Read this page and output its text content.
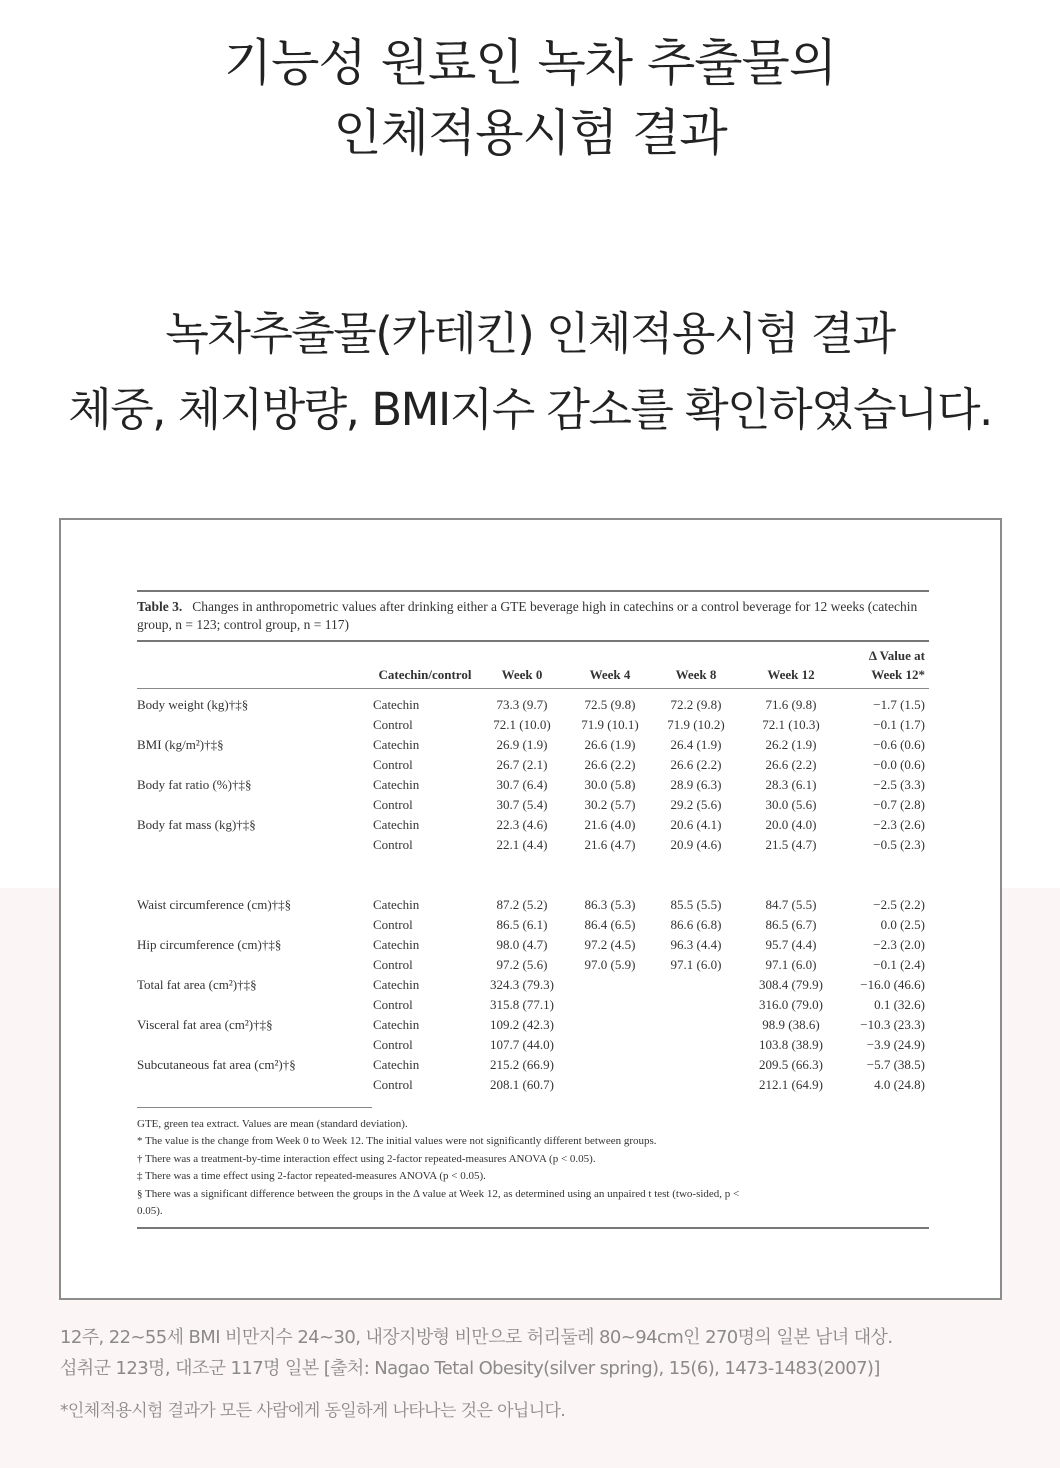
기능성 원료인 녹차 추출물의
인체적용시험 결과
녹차추출물(카테킨) 인체적용시험 결과
체중, 체지방량, BMI지수 감소를 확인하였습니다.
Table 3. Changes in anthropometric values after drinking either a GTE beverage high in catechins or a control beverage for 12 weeks (catechin group, n = 123; control group, n = 117)
	Catechin/control	Week 0	Week 4	Week 8	Week 12	Δ Value at
Week 12*

Body weight (kg)†‡§	Catechin	73.3 (9.7)	72.5 (9.8)	72.2 (9.8)	71.6 (9.8)	−1.7 (1.5)
	Control	72.1 (10.0)	71.9 (10.1)	71.9 (10.2)	72.1 (10.3)	−0.1 (1.7)
BMI (kg/m²)†‡§	Catechin	26.9 (1.9)	26.6 (1.9)	26.4 (1.9)	26.2 (1.9)	−0.6 (0.6)
	Control	26.7 (2.1)	26.6 (2.2)	26.6 (2.2)	26.6 (2.2)	−0.0 (0.6)
Body fat ratio (%)†‡§	Catechin	30.7 (6.4)	30.0 (5.8)	28.9 (6.3)	28.3 (6.1)	−2.5 (3.3)
	Control	30.7 (5.4)	30.2 (5.7)	29.2 (5.6)	30.0 (5.6)	−0.7 (2.8)
Body fat mass (kg)†‡§	Catechin	22.3 (4.6)	21.6 (4.0)	20.6 (4.1)	20.0 (4.0)	−2.3 (2.6)
	Control	22.1 (4.4)	21.6 (4.7)	20.9 (4.6)	21.5 (4.7)	−0.5 (2.3)

Waist circumference (cm)†‡§	Catechin	87.2 (5.2)	86.3 (5.3)	85.5 (5.5)	84.7 (5.5)	−2.5 (2.2)
	Control	86.5 (6.1)	86.4 (6.5)	86.6 (6.8)	86.5 (6.7)	0.0 (2.5)
Hip circumference (cm)†‡§	Catechin	98.0 (4.7)	97.2 (4.5)	96.3 (4.4)	95.7 (4.4)	−2.3 (2.0)
	Control	97.2 (5.6)	97.0 (5.9)	97.1 (6.0)	97.1 (6.0)	−0.1 (2.4)
Total fat area (cm²)†‡§	Catechin	324.3 (79.3)			308.4 (79.9)	−16.0 (46.6)
	Control	315.8 (77.1)			316.0 (79.0)	0.1 (32.6)
Visceral fat area (cm²)†‡§	Catechin	109.2 (42.3)			98.9 (38.6)	−10.3 (23.3)
	Control	107.7 (44.0)			103.8 (38.9)	−3.9 (24.9)
Subcutaneous fat area (cm²)†§	Catechin	215.2 (66.9)			209.5 (66.3)	−5.7 (38.5)
	Control	208.1 (60.7)			212.1 (64.9)	4.0 (24.8)
GTE, green tea extract. Values are mean (standard deviation).
* The value is the change from Week 0 to Week 12. The initial values were not significantly different between groups.
† There was a treatment-by-time interaction effect using 2-factor repeated-measures ANOVA (p < 0.05).
‡ There was a time effect using 2-factor repeated-measures ANOVA (p < 0.05).
§ There was a significant difference between the groups in the Δ value at Week 12, as determined using an unpaired t test (two-sided, p <
0.05).
12주, 22~55세 BMI 비만지수 24~30, 내장지방형 비만으로 허리둘레 80~94cm인 270명의 일본 남녀 대상.
섭취군 123명, 대조군 117명 일본 [출처: Nagao Tetal Obesity(silver spring), 15(6), 1473-1483(2007)]
*인체적용시험 결과가 모든 사람에게 동일하게 나타나는 것은 아닙니다.
